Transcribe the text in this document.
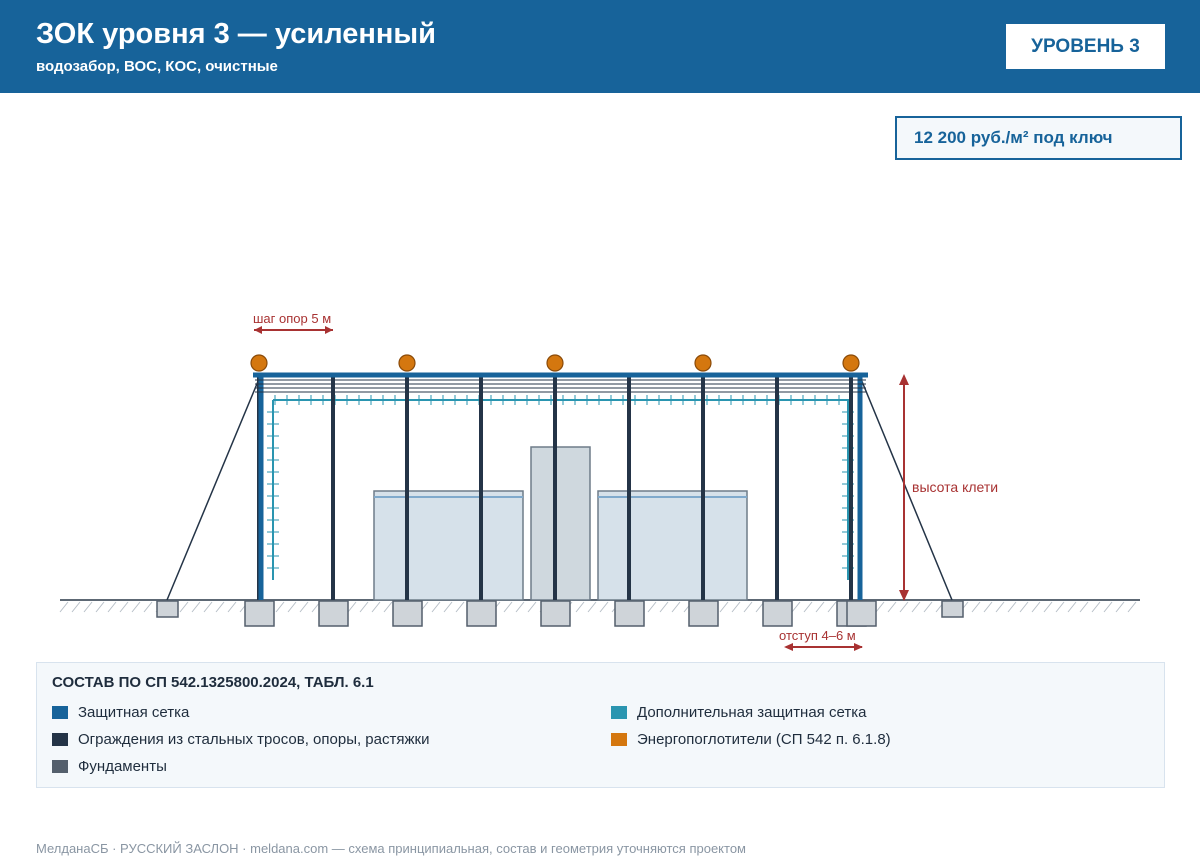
ЗОК уровня 3 — усиленный
водозабор, ВОС, КОС, очистные
УРОВЕНЬ 3
12 200 руб./м² под ключ
шаг опор 5 м
высота клети
отступ 4–6 м
СОСТАВ ПО СП 542.1325800.2024, ТАБЛ. 6.1
Защитная сетка
Ограждения из стальных тросов, опоры, растяжки
Фундаменты
Дополнительная защитная сетка
Энергопоглотители (СП 542 п. 6.1.8)
МелданаСБ · РУССКИЙ ЗАСЛОН · meldana.com — схема принципиальная, состав и геометрия уточняются проектом
